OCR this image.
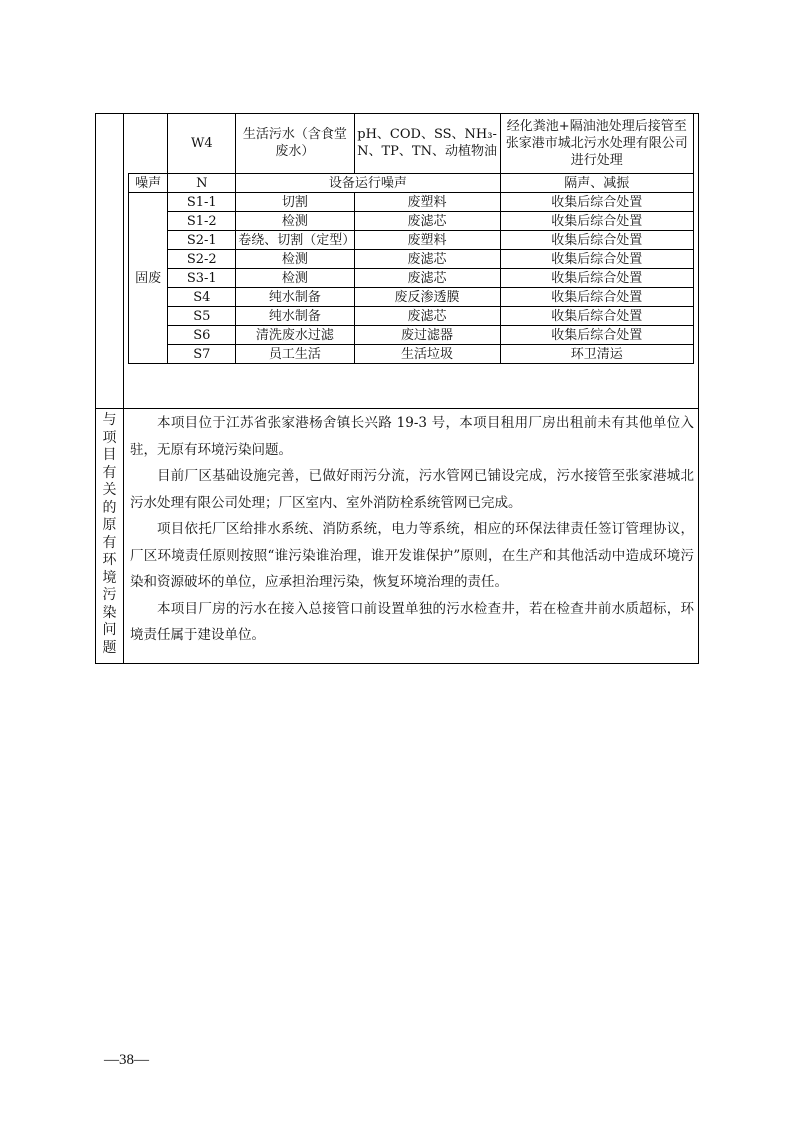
	W4	生活污水（含食堂废水）	pH、COD、SS、NH₃-N、TP、TN、动植物油	经化粪池+隔油池处理后接管至张家港市城北污水处理有限公司进行处理
噪声	N	设备运行噪声		隔声、减振
固废	S1-1	切割	废塑料	收集后综合处置
	S1-2	检测	废滤芯	收集后综合处置
	S2-1	卷绕、切割（定型）	废塑料	收集后综合处置
	S2-2	检测	废滤芯	收集后综合处置
	S3-1	检测	废滤芯	收集后综合处置
	S4	纯水制备	废反渗透膜	收集后综合处置
	S5	纯水制备	废滤芯	收集后综合处置
	S6	清洗废水过滤	废过滤器	收集后综合处置
	S7	员工生活	生活垃圾	环卫清运
与
项
目
有
关
的
原
有
环
境
污
染
问
题

本项目位于江苏省张家港杨舍镇长兴路 19-3 号，本项目租用厂房出租前未有其他单位入驻，无原有环境污染问题。

目前厂区基础设施完善，已做好雨污分流，污水管网已铺设完成，污水接管至张家港城北污水处理有限公司处理；厂区室内、室外消防栓系统管网已完成。

项目依托厂区给排水系统、消防系统，电力等系统，相应的环保法律责任签订管理协议，厂区环境责任原则按照“谁污染谁治理，谁开发谁保护”原则，在生产和其他活动中造成环境污染和资源破坏的单位，应承担治理污染，恢复环境治理的责任。

本项目厂房的污水在接入总接管口前设置单独的污水检查井，若在检查井前水质超标，环境责任属于建设单位。

—38—
